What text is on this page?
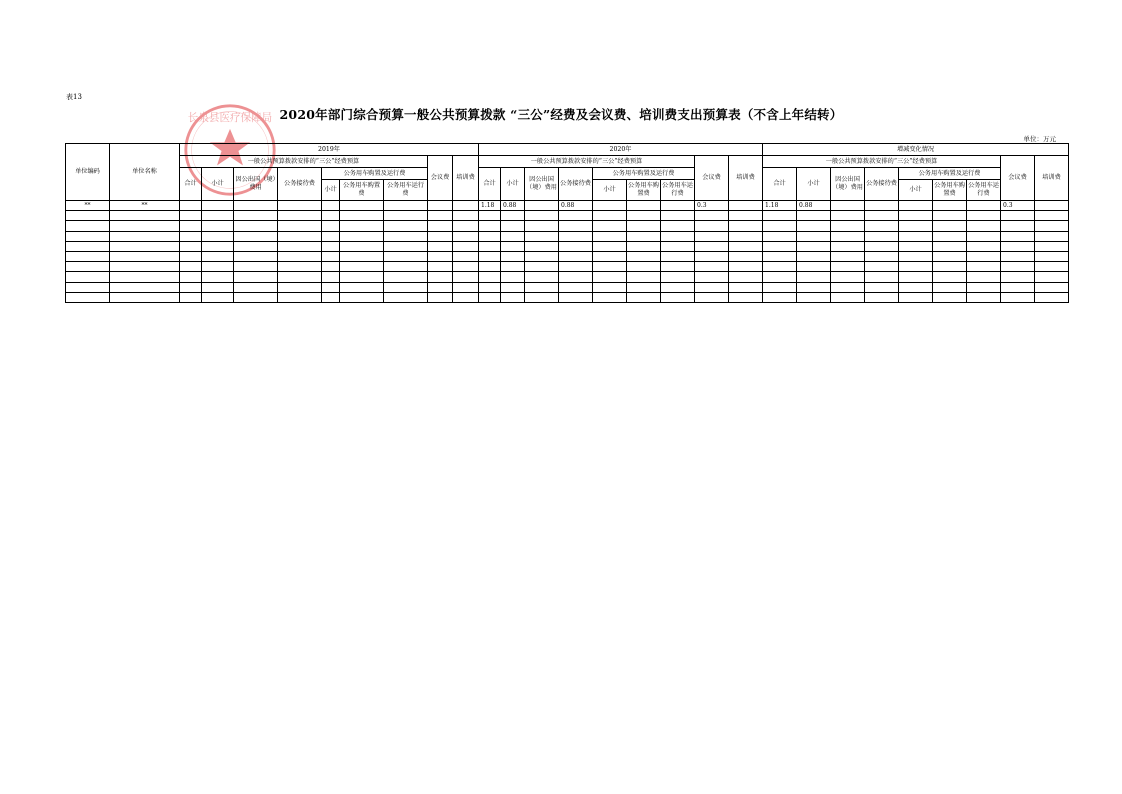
表13
2020年部门综合预算一般公共预算拨款 “三公”经费及会议费、培训费支出预算表（不含上年结转）
单位：万元
长泉县医疗保障局
单位编码	单位名称	2019年									2020年									增减变化情况								
		一般公共预算拨款安排的“三公”经费预算							会议费	培训费	一般公共预算拨款安排的“三公”经费预算							会议费	培训费	一般公共预算拨款安排的“三公”经费预算							会议费	培训费
		合计	小计	因公出国（境）费用	公务接待费	公务用车购置及运行费					合计	小计	因公出国（境）费用	公务接待费	公务用车购置及运行费					合计	小计	因公出国（境）费用	公务接待费	公务用车购置及运行费				
						小计	公务用车购置费	公务用车运行费							小计	公务用车购置费	公务用车运行费							小计	公务用车购置费	公务用车运行费		
**	**										1.18	0.88		0.88				0.3		1.18	0.88						0.3	
